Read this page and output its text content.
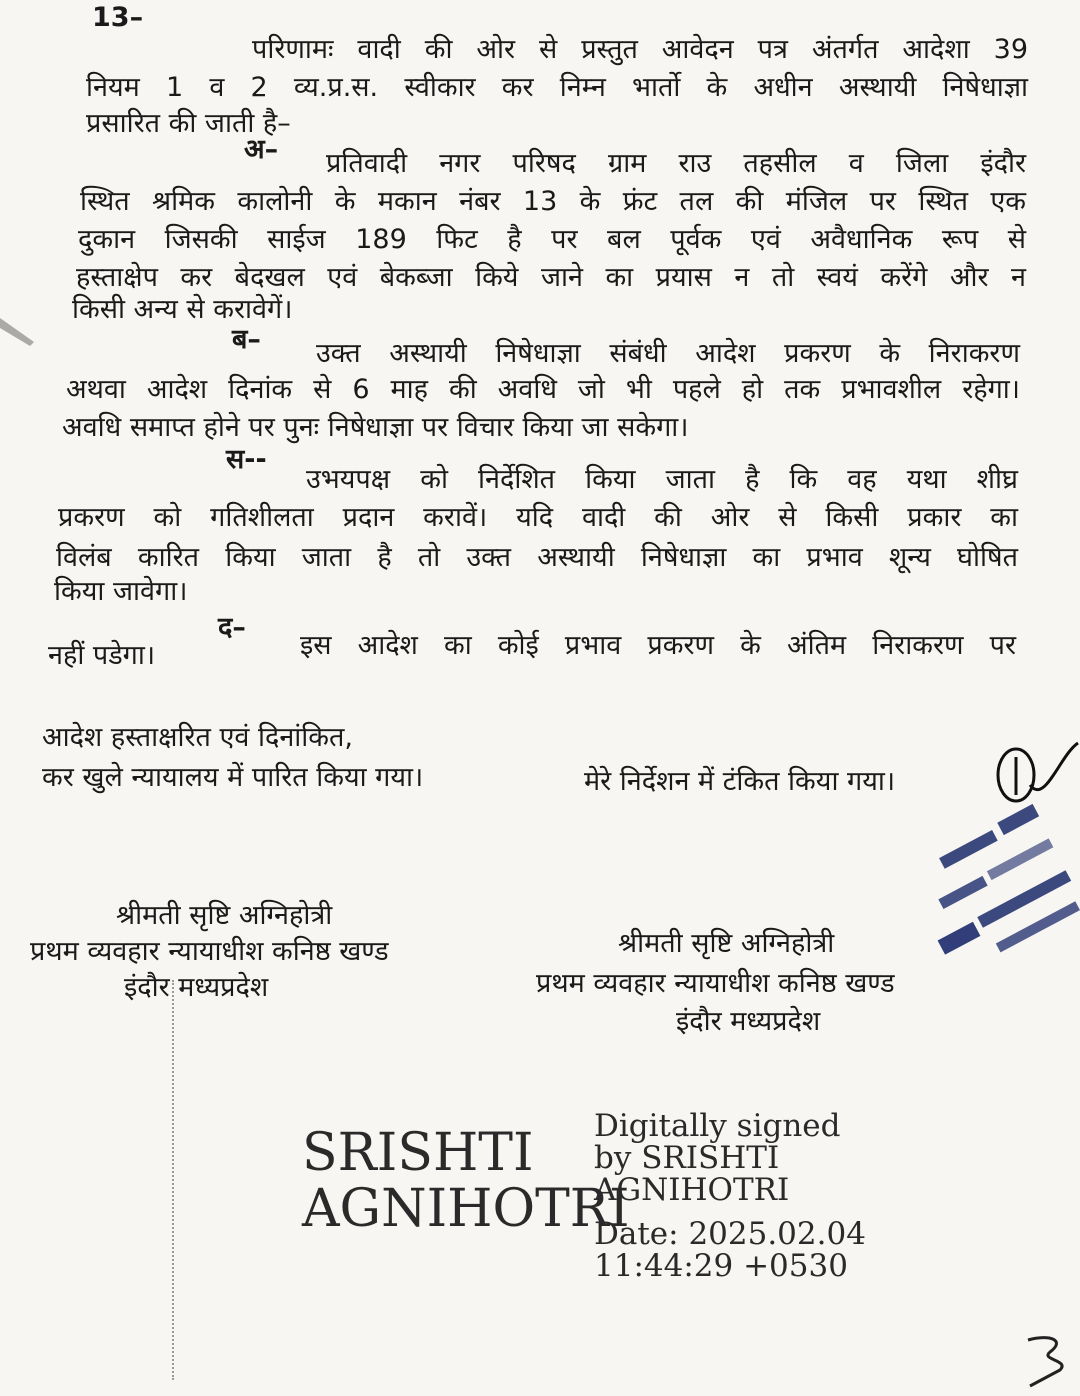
13–
परिणामः वादी की ओर से प्रस्तुत आवेदन पत्र अंतर्गत आदेशा 39
नियम 1 व 2 व्य.प्र.स. स्वीकार कर निम्न भार्तो के अधीन अस्थायी निषेधाज्ञा
प्रसारित की जाती है–
अ– प्रतिवादी नगर परिषद ग्राम राउ तहसील व जिला इंदौर
स्थित श्रमिक कालोनी के मकान नंबर 13 के फ्रंट तल की मंजिल पर स्थित एक
दुकान जिसकी साईज 189 फिट है पर बल पूर्वक एवं अवैधानिक रूप से
हस्ताक्षेप कर बेदखल एवं बेकब्जा किये जाने का प्रयास न तो स्वयं करेंगे और न
किसी अन्य से करावेगें।
ब– उक्त अस्थायी निषेधाज्ञा संबंधी आदेश प्रकरण के निराकरण
अथवा आदेश दिनांक से 6 माह की अवधि जो भी पहले हो तक प्रभावशील रहेगा।
अवधि समाप्त होने पर पुनः निषेधाज्ञा पर विचार किया जा सकेगा।
स--
उभयपक्ष को निर्देशित किया जाता है कि वह यथा शीघ्र
प्रकरण को गतिशीलता प्रदान करावें। यदि वादी की ओर से किसी प्रकार का
विलंब कारित किया जाता है तो उक्त अस्थायी निषेधाज्ञा का प्रभाव शून्य घोषित
किया जावेगा।
द–
इस आदेश का कोई प्रभाव प्रकरण के अंतिम निराकरण पर
नहीं पडेगा।
आदेश हस्ताक्षरित एवं दिनांकित,
कर खुले न्यायालय में पारित किया गया।	मेरे निर्देशन में टंकित किया गया।
श्रीमती सृष्टि अग्निहोत्री
प्रथम व्यवहार न्यायाधीश कनिष्ठ खण्ड
इंदौर मध्यप्रदेश
श्रीमती सृष्टि अग्निहोत्री
प्रथम व्यवहार न्यायाधीश कनिष्ठ खण्ड
इंदौर मध्यप्रदेश
SRISHTI
AGNIHOTRI
Digitally signed
by SRISHTI
AGNIHOTRI
Date: 2025.02.04
11:44:29 +0530
